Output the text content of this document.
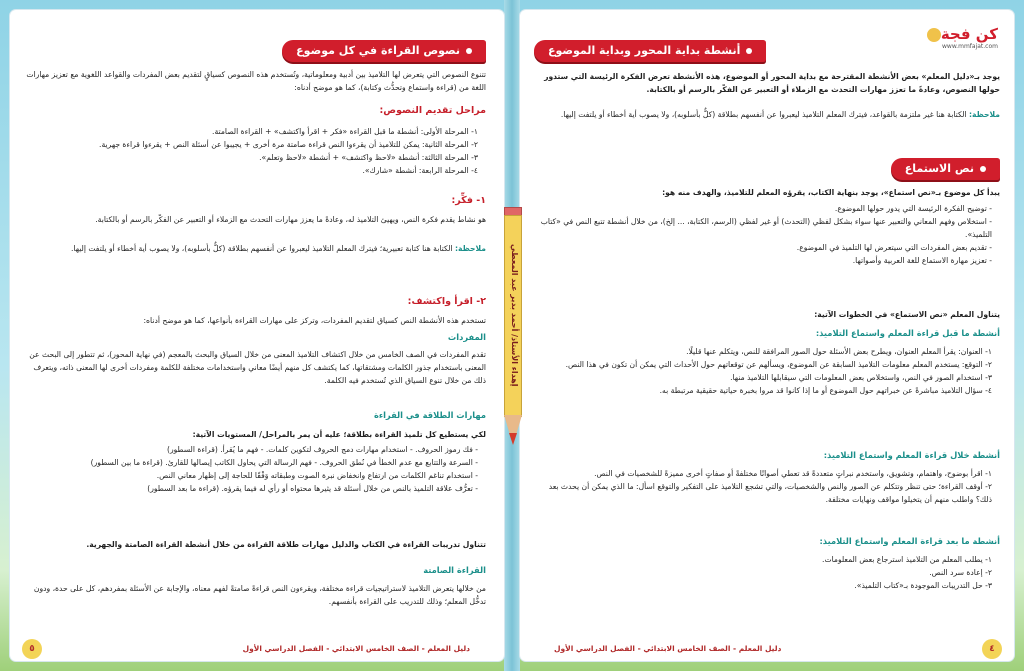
نصوص القراءة في كل موضوع
تتنوع النصوص التي يتعرض لها التلاميذ بين أدبية ومعلوماتية، وتُستخدم هذه النصوص كسياقٍ لتقديم بعض المفردات والقواعد اللغوية مع تعزيز مهارات اللغة من (قراءة واستماع وتحدُّث وكتابة)، كما هو موضح أدناه:
مراحل تقديم النصوص:
١- المرحلة الأولى: أنشطة ما قبل القراءة «فكر + اقرأ واكتشف» + القراءة الصامتة.
٢- المرحلة الثانية: يمكن للتلاميذ أن يقرءوا النص قراءة صامتة مرة أخرى + يجيبوا عن أسئلة النص + يقرءوا قراءة جهرية.
٣- المرحلة الثالثة: أنشطة «لاحظ واكتشف» + أنشطة «لاحظ وتعلم».
٤- المرحلة الرابعة: أنشطة «شارك».
١- فكِّر:
هو نشاط يقدم فكرة النص، ويهيئ التلاميذ له، وعادةً ما يعزز مهارات التحدث مع الزملاء أو التعبير عن الفكّر بالرسم أو بالكتابة.
ملاحظة: الكتابة هنا كتابة تعبيرية؛ فيترك المعلم التلاميذ ليعبروا عن أنفسهم بطلاقة (كلٌّ بأسلوبه)، ولا يصوب أية أخطاء أو يلتفت إليها.
٢- اقرأ واكتشف:
تستخدم هذه الأنشطة النص كسياق لتقديم المفردات، وتركز على مهارات القراءة بأنواعها، كما هو موضح أدناه:
المفردات
تقدم المفردات في الصف الخامس من خلال اكتشاف التلاميذ المعنى من خلال السياق والبحث بالمعجم (في نهاية المحور)، ثم تتطور إلى البحث عن المعنى باستخدام جذور الكلمات ومشتقاتها، كما يكتشف كل منهم أيضًا معاني واستخدامات مختلفة للكلمة ومفردات أخرى لها المعنى ذاته، ويتعرف ذلك من خلال تنوع السياق الذي تُستخدم فيه الكلمة.
مهارات الطلاقة في القراءة
لكي يستطيع كل تلميذ القراءة بطلاقة؛ عليه أن يمر بالمراحل/ المستويات الآتية:
- فك رموز الحروف. - استخدام مهارات دمج الحروف لتكوين كلمات. - فهم ما يُقرأ. (قراءة السطور)
- السرعة والتتابع مع عدم الخطأ في نُطق الحروف. - فهم الرسالة التي يحاول الكاتب إيصالها للقارئ. (قراءة ما بين السطور)
- استخدام تناغم الكلمات من ارتفاع وانخفاض نبرة الصوت وطبقاته وَفْقًا للحاجة إلى إظهار معاني النص.
- تعرُّف علاقة التلميذ بالنص من خلال أسئلة قد يثيرها محتواه أو رأي له فيما يقرؤه. (قراءة ما بعد السطور)
تتناول تدريبات القراءة في الكتاب والدليل مهارات طلاقة القراءة من خلال أنشطة القراءة الصامتة والجهرية.
القراءة الصامتة
من خلالها يتعرض التلاميذ لاستراتيجيات قراءة مختلفة، ويقرءون النص قراءةً صامتةً لفهم معناه، والإجابة عن الأسئلة بمفردهم، كل على حدة، ودون تدخُّل المعلم؛ وذلك للتدريب على القراءة بأنفسهم.
دليل المعلم - الصف الخامس الابتدائي - الفصل الدراسي الأول
٥
كن فجة
www.mmfajat.com
أنشطة بداية المحور وبداية الموضوع
يوجد بـ«دليل المعلم» بعض الأنشطة المقترحة مع بداية المحور أو الموضوع، هذه الأنشطة تعرض الفكرة الرئيسة التي ستدور حولها النصوص، وعادةً ما تعزز مهارات التحدث مع الزملاء أو التعبير عن الفكّر بالرسم أو بالكتابة.
ملاحظة: الكتابة هنا غير ملتزمة بالقواعد، فيترك المعلم التلاميذ ليعبروا عن أنفسهم بطلاقة (كلٌّ بأسلوبه)، ولا يصوب أية أخطاء أو يلتفت إليها.
نص الاستماع
يبدأ كل موضوع بـ«نص استماع»، يوجد بنهاية الكتاب، يقرؤه المعلم للتلاميذ، والهدف منه هو:
- توضيح الفكرة الرئيسة التي يدور حولها الموضوع.
- استخلاص وفهم المعاني والتعبير عنها سواء بشكل لفظي (التحدث) أو غير لفظي (الرسم، الكتابة، ... إلخ)، من خلال أنشطة تتبع النص في «كتاب التلميذ».
- تقديم بعض المفردات التي سيتعرض لها التلميذ في الموضوع.
- تعزيز مهارة الاستماع للغة العربية وأصواتها.
يتناول المعلم «نص الاستماع» في الخطوات الآتية:
أنشطة ما قبل قراءة المعلم واستماع التلاميذ:
١- العنوان: يقرأ المعلم العنوان، ويطرح بعض الأسئلة حول الصور المرافقة للنص، ويتكلم عنها قليلًا.
٢- التوقع: يستخدم المعلم معلومات التلاميذ السابقة عن الموضوع، ويسألهم عن توقعاتهم حول الأحداث التي يمكن أن تكون في هذا النص.
٣- استخدام الصور في النص، واستخلاص بعض المعلومات التي سيقابلها التلاميذ منها.
٤- سؤال التلاميذ مباشرةً عن خبراتهم حول الموضوع أو ما إذا كانوا قد مروا بخبرة حياتية حقيقية مرتبطة به.
أنشطة خلال قراءة المعلم واستماع التلاميذ:
١- اقرأ بوضوح، واهتمام، وتشويق، واستخدم نبراتٍ متعددةً قد تعطي أصواتًا مختلفةً أو صفاتٍ أخرى مميزةً للشخصيات في النص.
٢- أوقف القراءة؛ حتى تنظر وتتكلم عن الصور والنص والشخصيات، والتي تشجع التلاميذ على التفكير والتوقع اسأل: ما الذي يمكن أن يحدث بعد ذلك؟ واطلب منهم أن يتخيلوا مواقف ونهايات مختلفة.
أنشطة ما بعد قراءة المعلم واستماع التلاميذ:
١- يطلب المعلم من التلاميذ استرجاع بعض المعلومات.
٢- إعادة سرد النص.
٣- حل التدريبات الموجودة بـ«كتاب التلميذ».
دليل المعلم - الصف الخامس الابتدائي - الفصل الدراسي الأول	٤
إهداء الأستاذ/ أحمد بدير عبد المعطي
